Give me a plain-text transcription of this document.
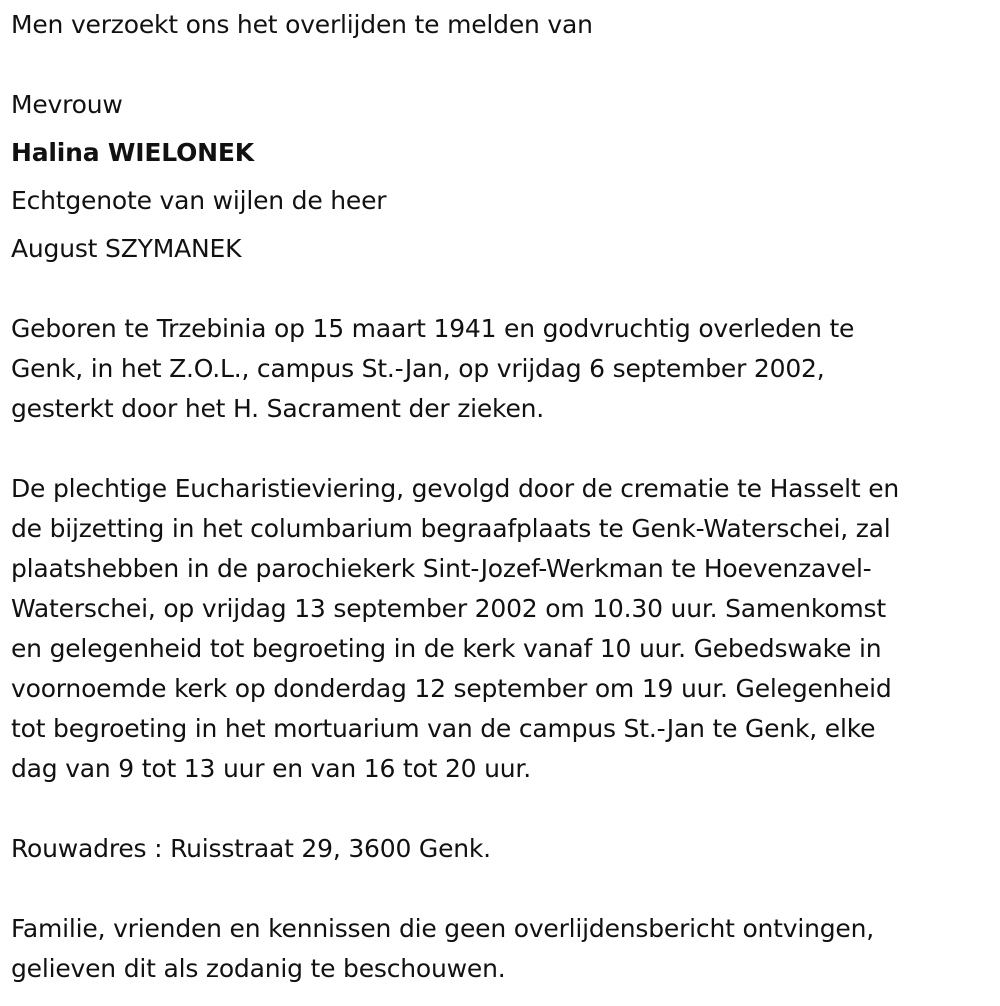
Men verzoekt ons het overlijden te melden van
Mevrouw
Halina WIELONEK
Echtgenote van wijlen de heer
August SZYMANEK
Geboren te Trzebinia op 15 maart 1941 en godvruchtig overleden te
Genk, in het Z.O.L., campus St.-Jan, op vrijdag 6 september 2002,
gesterkt door het H. Sacrament der zieken.
De plechtige Eucharistieviering, gevolgd door de crematie te Hasselt en
de bijzetting in het columbarium begraafplaats te Genk-Waterschei, zal
plaatshebben in de parochiekerk Sint-Jozef-Werkman te Hoevenzavel-
Waterschei, op vrijdag 13 september 2002 om 10.30 uur. Samenkomst
en gelegenheid tot begroeting in de kerk vanaf 10 uur. Gebedswake in
voornoemde kerk op donderdag 12 september om 19 uur. Gelegenheid
tot begroeting in het mortuarium van de campus St.-Jan te Genk, elke
dag van 9 tot 13 uur en van 16 tot 20 uur.
Rouwadres : Ruisstraat 29, 3600 Genk.
Familie, vrienden en kennissen die geen overlijdensbericht ontvingen,
gelieven dit als zodanig te beschouwen.
